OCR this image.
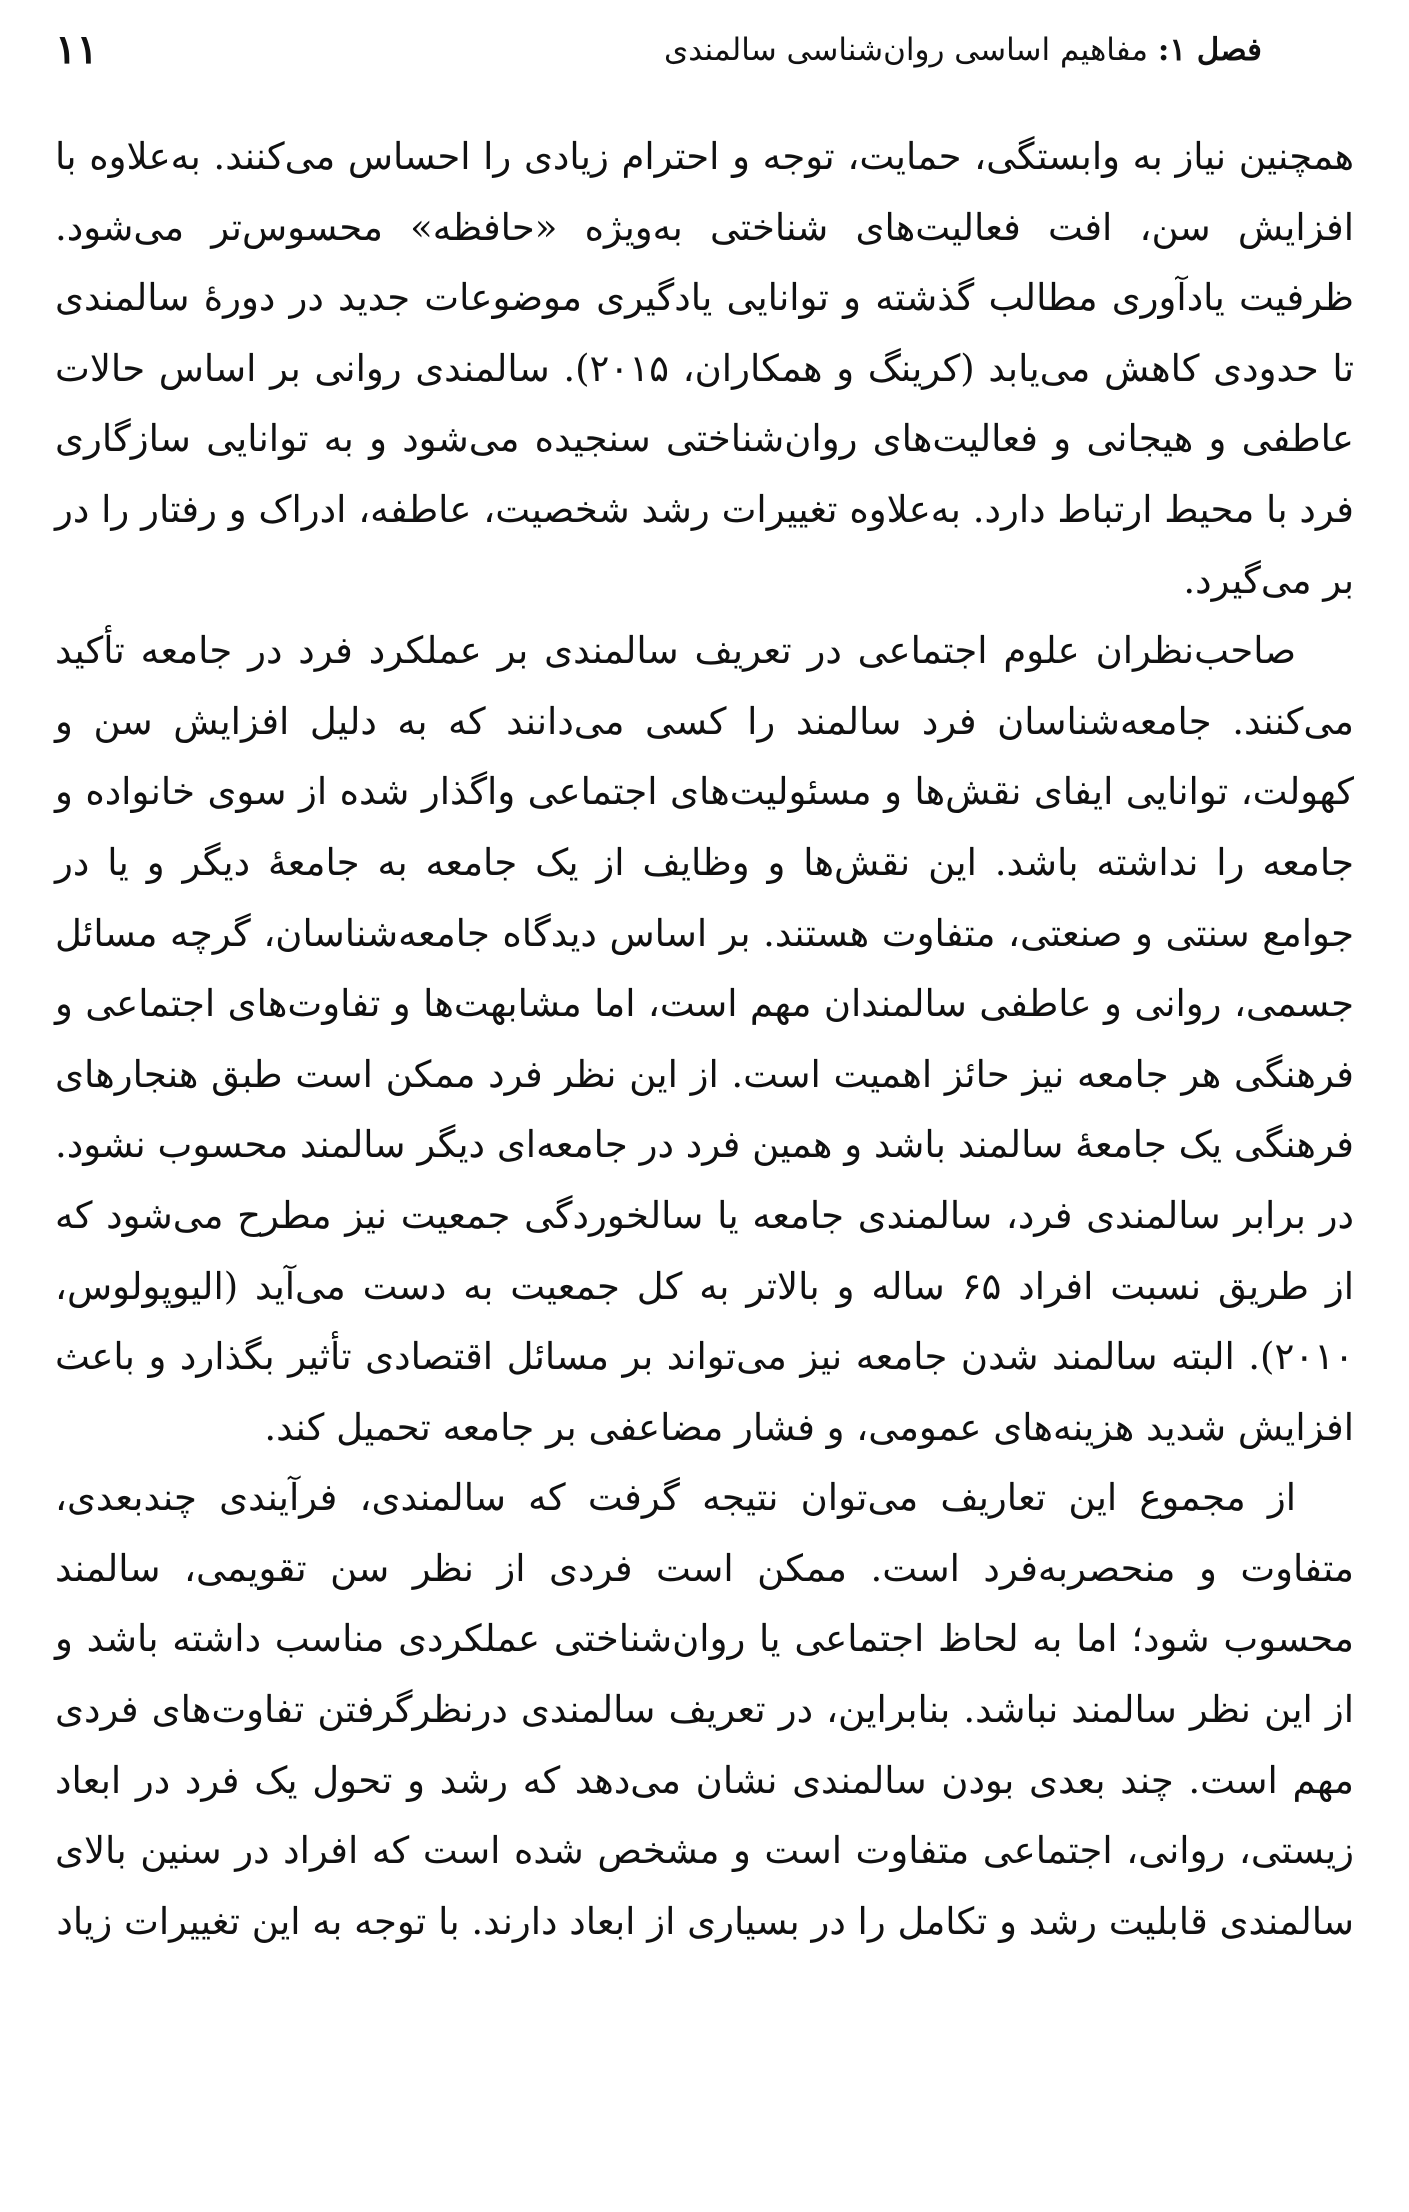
فصل ۱: مفاهیم اساسی روان‌شناسی سالمندی
۱۱

همچنین نیاز به وابستگی، حمایت، توجه و احترام زیادی را احساس می‌کنند. به‌علاوه با افزایش سن، افت فعالیت‌های شناختی به‌ویژه «حافظه» محسوس‌تر می‌شود. ظرفیت یادآوری مطالب گذشته و توانایی یادگیری موضوعات جدید در دورهٔ سالمندی تا حدودی کاهش می‌یابد (کرینگ و همکاران، ۲۰۱۵). سالمندی روانی بر اساس حالات عاطفی و هیجانی و فعالیت‌های روان‌شناختی سنجیده می‌شود و به توانایی سازگاری فرد با محیط ارتباط دارد. به‌علاوه تغییرات رشد شخصیت، عاطفه، ادراک و رفتار را در بر می‌گیرد.

صاحب‌نظران علوم اجتماعی در تعریف سالمندی بر عملکرد فرد در جامعه تأکید می‌کنند. جامعه‌شناسان فرد سالمند را کسی می‌دانند که به دلیل افزایش سن و کهولت، توانایی ایفای نقش‌ها و مسئولیت‌های اجتماعی واگذار شده از سوی خانواده و جامعه را نداشته باشد. این نقش‌ها و وظایف از یک جامعه به جامعهٔ دیگر و یا در جوامع سنتی و صنعتی، متفاوت هستند. بر اساس دیدگاه جامعه‌شناسان، گرچه مسائل جسمی، روانی و عاطفی سالمندان مهم است، اما مشابهت‌ها و تفاوت‌های اجتماعی و فرهنگی هر جامعه نیز حائز اهمیت است. از این نظر فرد ممکن است طبق هنجارهای فرهنگی یک جامعهٔ سالمند باشد و همین فرد در جامعه‌ای دیگر سالمند محسوب نشود. در برابر سالمندی فرد، سالمندی جامعه یا سالخوردگی جمعیت نیز مطرح می‌شود که از طریق نسبت افراد ۶۵ ساله و بالاتر به کل جمعیت به دست می‌آید (الیوپولوس، ۲۰۱۰). البته سالمند شدن جامعه نیز می‌تواند بر مسائل اقتصادی تأثیر بگذارد و باعث افزایش شدید هزینه‌های عمومی، و فشار مضاعفی بر جامعه تحمیل کند.

از مجموع این تعاریف می‌توان نتیجه گرفت که سالمندی، فرآیندی چندبعدی، متفاوت و منحصربه‌فرد است. ممکن است فردی از نظر سن تقویمی، سالمند محسوب شود؛ اما به لحاظ اجتماعی یا روان‌شناختی عملکردی مناسب داشته باشد و از این نظر سالمند نباشد. بنابراین، در تعریف سالمندی درنظرگرفتن تفاوت‌های فردی مهم است. چند بعدی بودن سالمندی نشان می‌دهد که رشد و تحول یک فرد در ابعاد زیستی، روانی، اجتماعی متفاوت است و مشخص شده است که افراد در سنین بالای سالمندی قابلیت رشد و تکامل را در بسیاری از ابعاد دارند. با توجه به این تغییرات زیاد
